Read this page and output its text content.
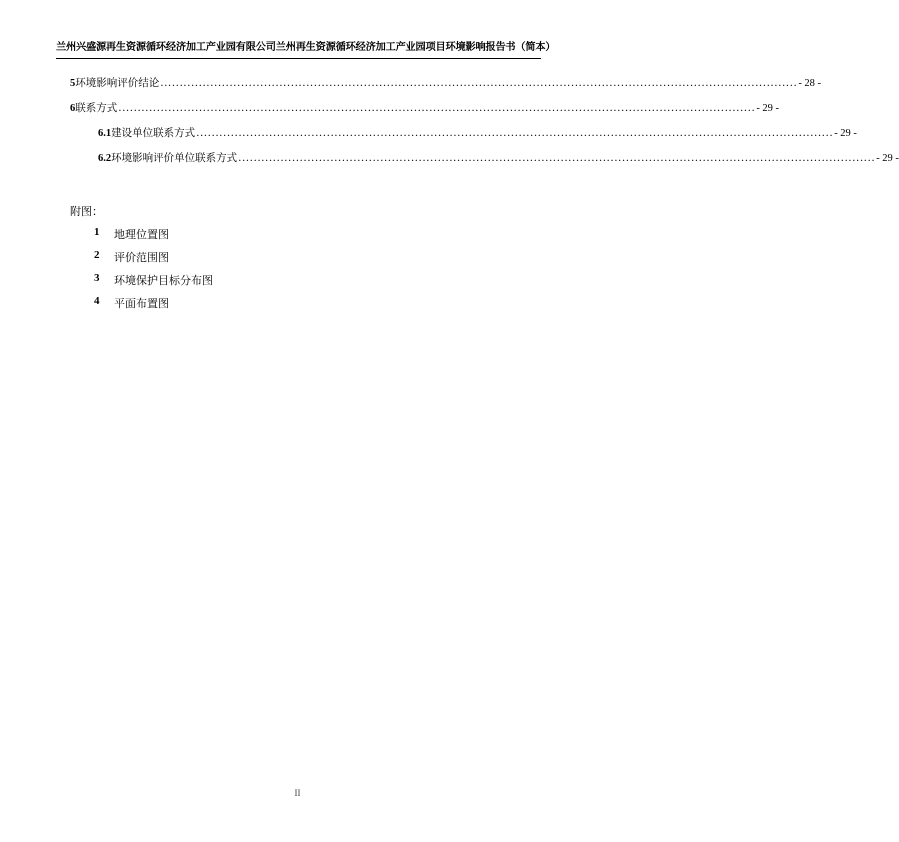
兰州兴盛源再生资源循环经济加工产业园有限公司兰州再生资源循环经济加工产业园项目环境影响报告书（简本）
5 环境影响评价结论 ...................................................................................................................................................................... - 28 -
6 联系方式 ...................................................................................................................................................................... - 29 -
6.1 建设单位联系方式 ...................................................................................................................................................................... - 29 -
6.2 环境影响评价单位联系方式 ...................................................................................................................................................................... - 29 -
附图：
1	地理位置图
2	评价范围图
3	环境保护目标分布图
4	平面布置图
II
